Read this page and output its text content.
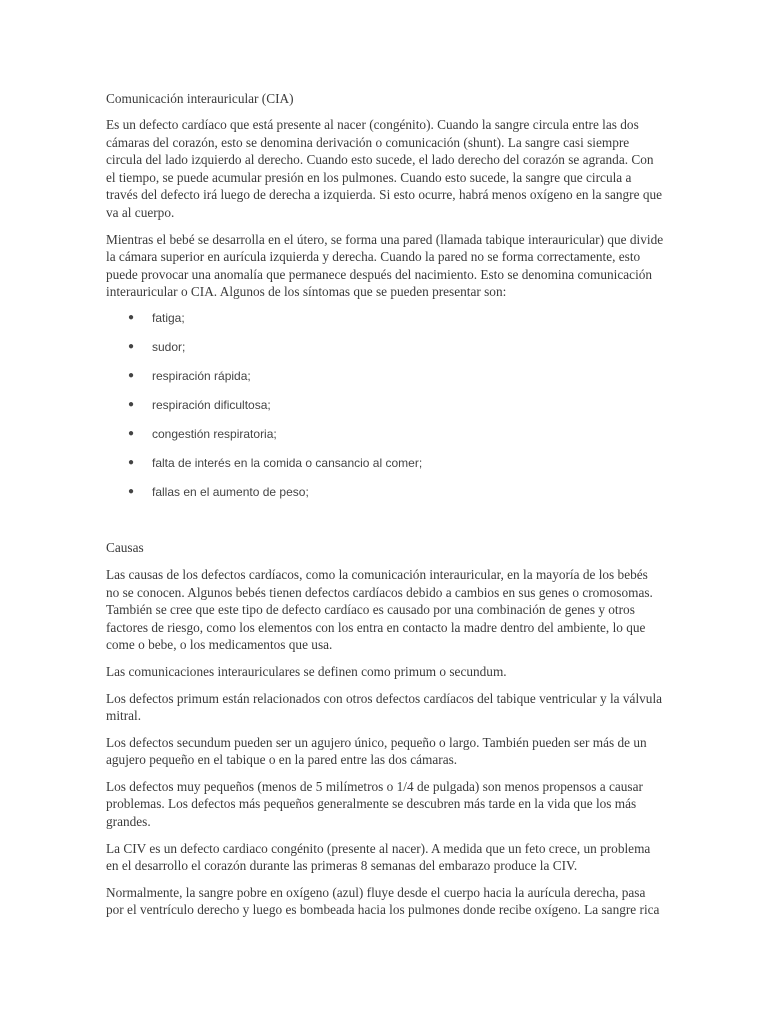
Comunicación interauricular (CIA)

Es un defecto cardíaco que está presente al nacer (congénito). Cuando la sangre circula entre las dos cámaras del corazón, esto se denomina derivación o comunicación (shunt). La sangre casi siempre circula del lado izquierdo al derecho. Cuando esto sucede, el lado derecho del corazón se agranda. Con el tiempo, se puede acumular presión en los pulmones. Cuando esto sucede, la sangre que circula a través del defecto irá luego de derecha a izquierda. Si esto ocurre, habrá menos oxígeno en la sangre que va al cuerpo.

Mientras el bebé se desarrolla en el útero, se forma una pared (llamada tabique interauricular) que divide la cámara superior en aurícula izquierda y derecha. Cuando la pared no se forma correctamente, esto puede provocar una anomalía que permanece después del nacimiento. Esto se denomina comunicación interauricular o CIA. Algunos de los síntomas que se pueden presentar son:

● fatiga;
● sudor;
● respiración rápida;
● respiración dificultosa;
● congestión respiratoria;
● falta de interés en la comida o cansancio al comer;
● fallas en el aumento de peso;
Causas

Las causas de los defectos cardíacos, como la comunicación interauricular, en la mayoría de los bebés no se conocen. Algunos bebés tienen defectos cardíacos debido a cambios en sus genes o cromosomas. También se cree que este tipo de defecto cardíaco es causado por una combinación de genes y otros factores de riesgo, como los elementos con los entra en contacto la madre dentro del ambiente, lo que come o bebe, o los medicamentos que usa.

Las comunicaciones interauriculares se definen como primum o secundum.

Los defectos primum están relacionados con otros defectos cardíacos del tabique ventricular y la válvula mitral.

Los defectos secundum pueden ser un agujero único, pequeño o largo. También pueden ser más de un agujero pequeño en el tabique o en la pared entre las dos cámaras.

Los defectos muy pequeños (menos de 5 milímetros o 1/4 de pulgada) son menos propensos a causar problemas. Los defectos más pequeños generalmente se descubren más tarde en la vida que los más grandes.

La CIV es un defecto cardiaco congénito (presente al nacer). A medida que un feto crece, un problema en el desarrollo el corazón durante las primeras 8 semanas del embarazo produce la CIV.

Normalmente, la sangre pobre en oxígeno (azul) fluye desde el cuerpo hacia la aurícula derecha, pasa por el ventrículo derecho y luego es bombeada hacia los pulmones donde recibe oxígeno. La sangre rica
